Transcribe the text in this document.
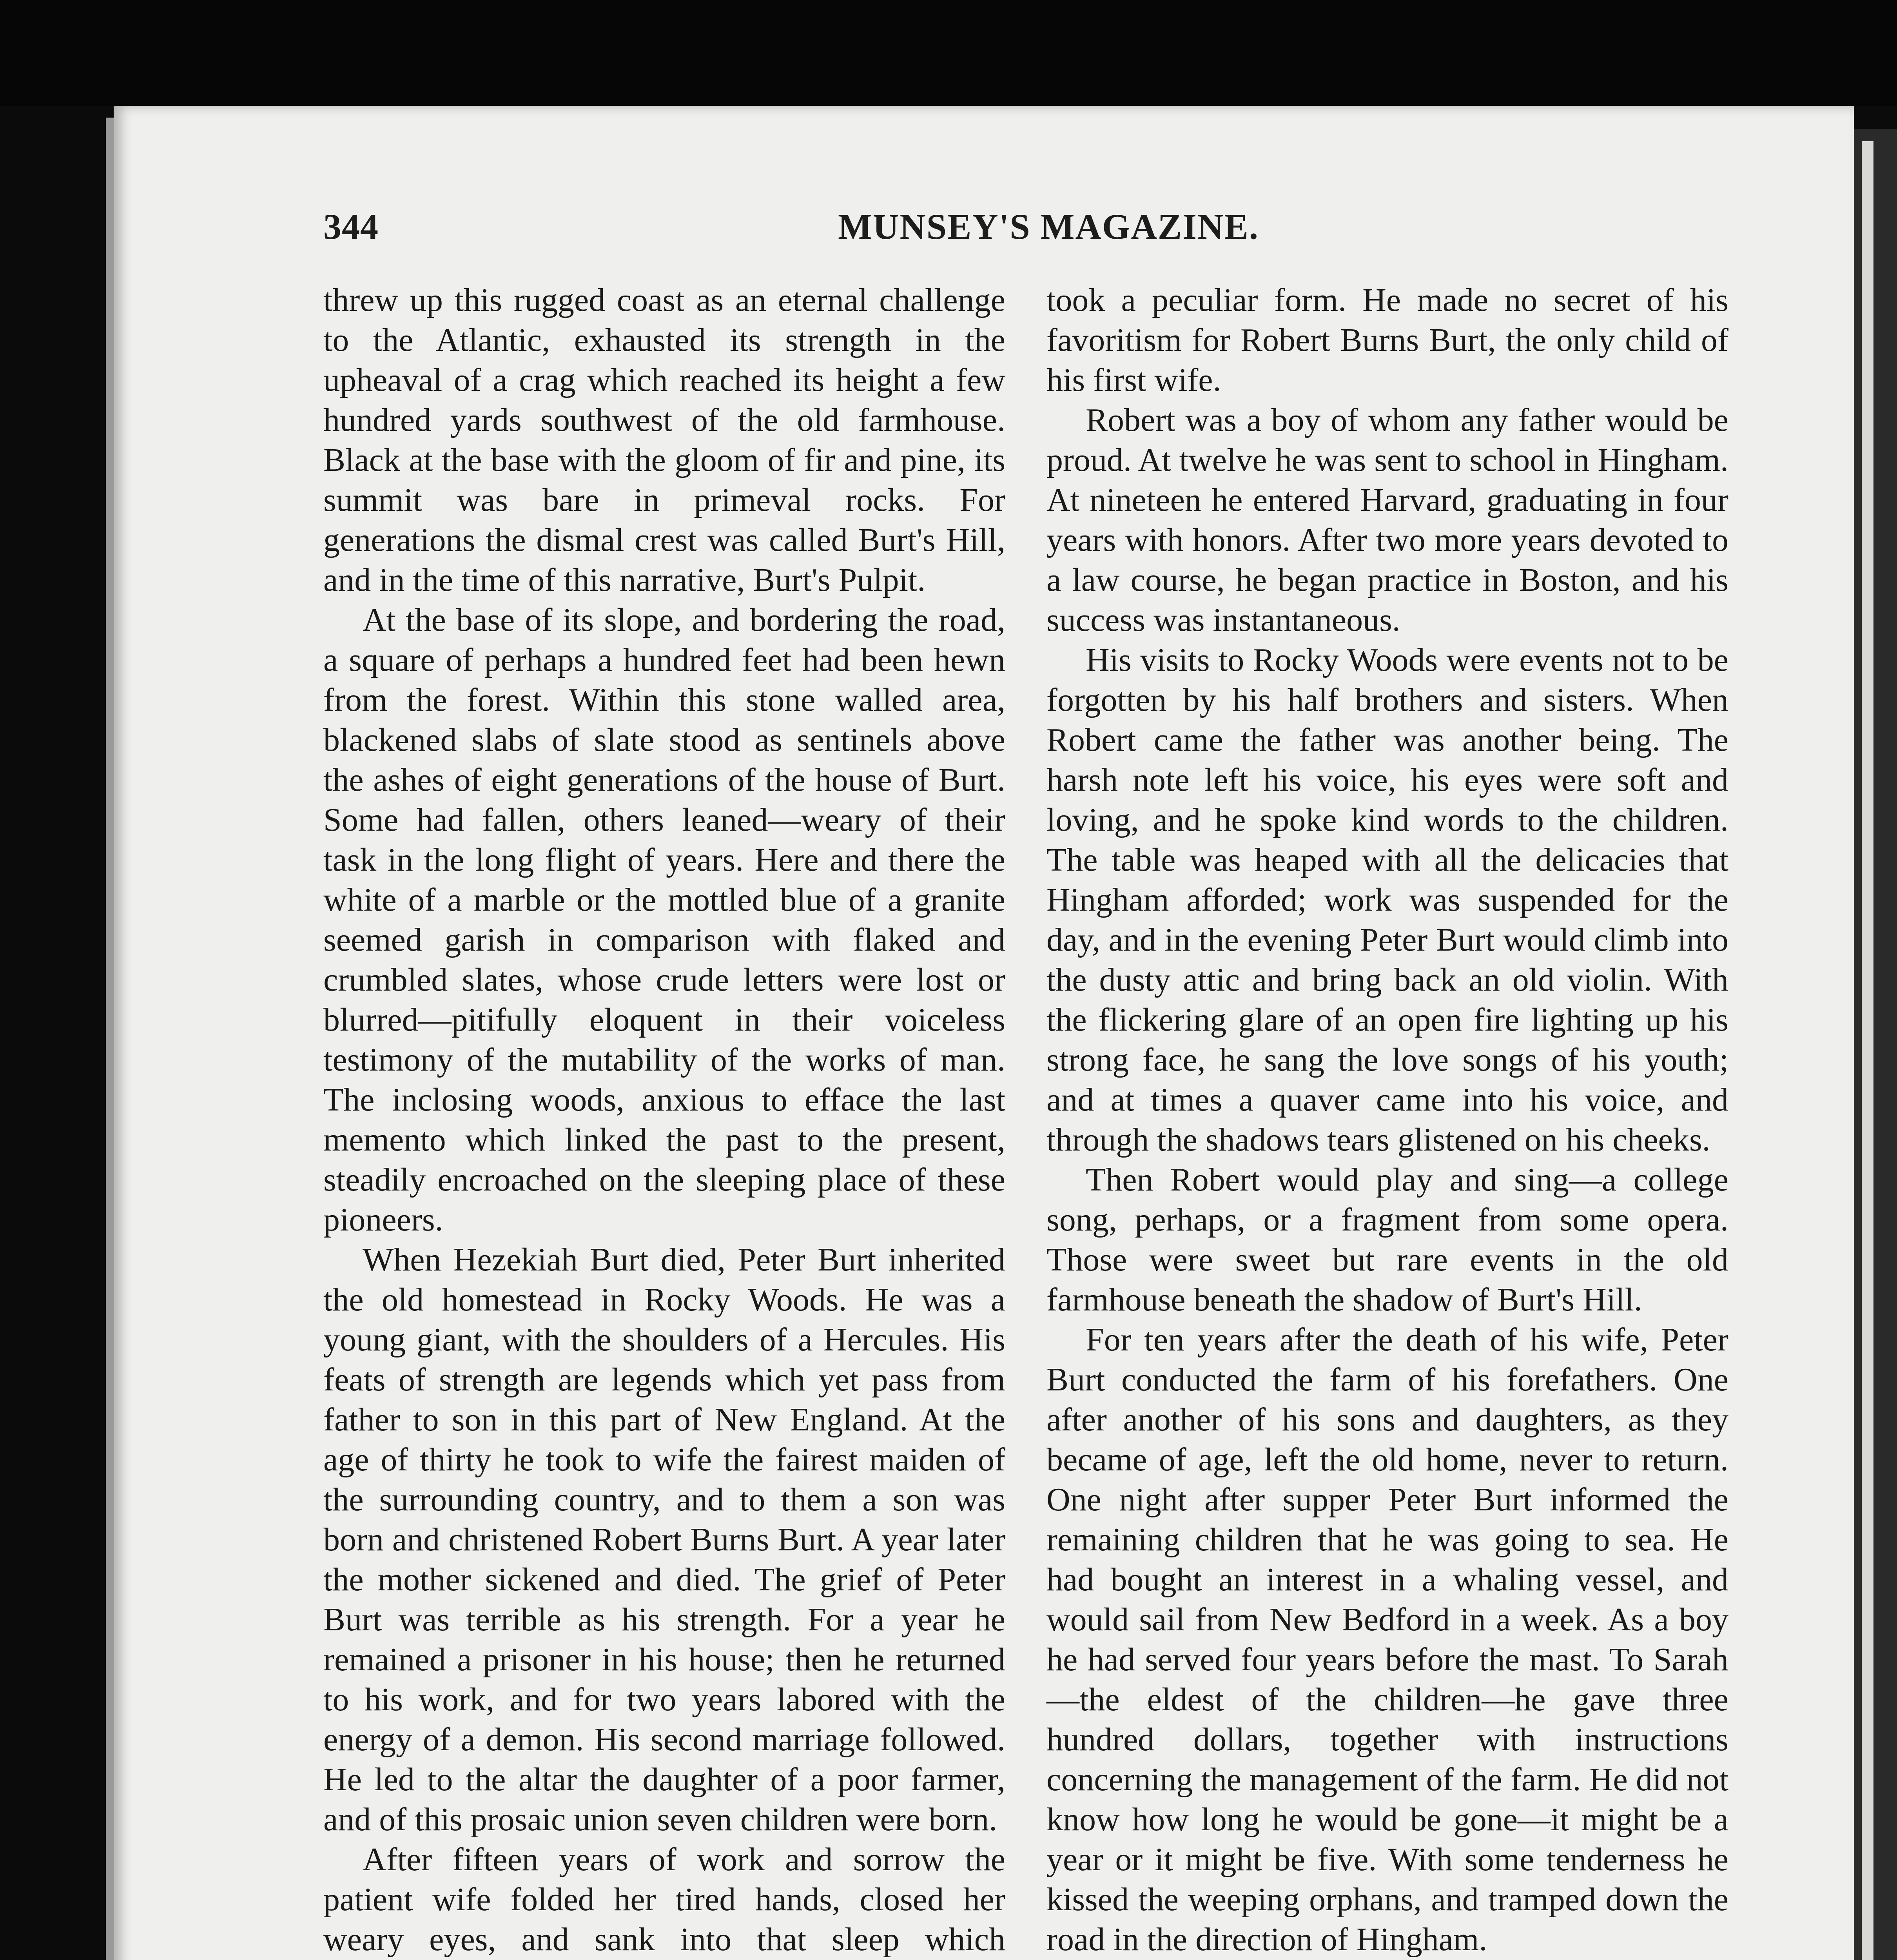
344	MUNSEY'S MAGAZINE.

threw up this rugged coast as an eternal challenge to the Atlantic, exhausted its strength in the upheaval of a crag which reached its height a few hundred yards southwest of the old farmhouse. Black at the base with the gloom of fir and pine, its summit was bare in primeval rocks. For generations the dismal crest was called Burt's Hill, and in the time of this narrative, Burt's Pulpit.

At the base of its slope, and bordering the road, a square of perhaps a hundred feet had been hewn from the forest. Within this stone walled area, blackened slabs of slate stood as sentinels above the ashes of eight generations of the house of Burt. Some had fallen, others leaned—weary of their task in the long flight of years. Here and there the white of a marble or the mottled blue of a granite seemed garish in comparison with flaked and crumbled slates, whose crude letters were lost or blurred—pitifully eloquent in their voiceless testimony of the mutability of the works of man. The inclosing woods, anxious to efface the last memento which linked the past to the present, steadily encroached on the sleeping place of these pioneers.

When Hezekiah Burt died, Peter Burt inherited the old homestead in Rocky Woods. He was a young giant, with the shoulders of a Hercules. His feats of strength are legends which yet pass from father to son in this part of New England. At the age of thirty he took to wife the fairest maiden of the surrounding country, and to them a son was born and christened Robert Burns Burt. A year later the mother sickened and died. The grief of Peter Burt was terrible as his strength. For a year he remained a prisoner in his house; then he returned to his work, and for two years labored with the energy of a demon. His second marriage followed. He led to the altar the daughter of a poor farmer, and of this prosaic union seven children were born.

After fifteen years of work and sorrow the patient wife folded her tired hands, closed her weary eyes, and sank into that sleep which

took a peculiar form. He made no secret of his favoritism for Robert Burns Burt, the only child of his first wife.

Robert was a boy of whom any father would be proud. At twelve he was sent to school in Hingham. At nineteen he entered Harvard, graduating in four years with honors. After two more years devoted to a law course, he began practice in Boston, and his success was instantaneous.

His visits to Rocky Woods were events not to be forgotten by his half brothers and sisters. When Robert came the father was another being. The harsh note left his voice, his eyes were soft and loving, and he spoke kind words to the children. The table was heaped with all the delicacies that Hingham afforded; work was suspended for the day, and in the evening Peter Burt would climb into the dusty attic and bring back an old violin. With the flickering glare of an open fire lighting up his strong face, he sang the love songs of his youth; and at times a quaver came into his voice, and through the shadows tears glistened on his cheeks.

Then Robert would play and sing—a college song, perhaps, or a fragment from some opera. Those were sweet but rare events in the old farmhouse beneath the shadow of Burt's Hill.

For ten years after the death of his wife, Peter Burt conducted the farm of his forefathers. One after another of his sons and daughters, as they became of age, left the old home, never to return. One night after supper Peter Burt informed the remaining children that he was going to sea. He had bought an interest in a whaling vessel, and would sail from New Bedford in a week. As a boy he had served four years before the mast. To Sarah—the eldest of the children—he gave three hundred dollars, together with instructions concerning the management of the farm. He did not know how long he would be gone—it might be a year or it might be five. With some tenderness he kissed the weeping orphans, and tramped down the road in the direction of Hingham.
